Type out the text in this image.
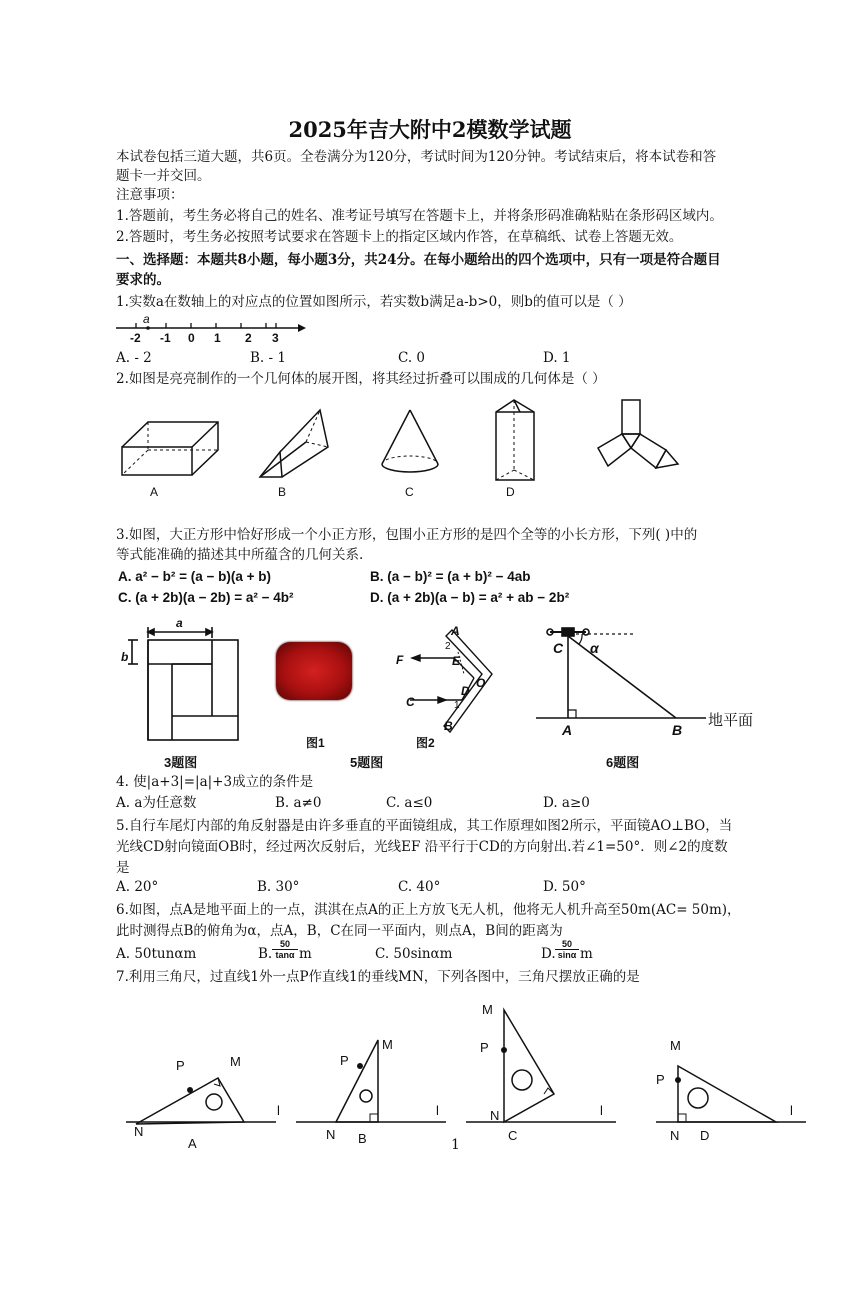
2025年吉大附中2模数学试题
本试卷包括三道大题，共6页。全卷满分为120分，考试时间为120分钟。考试结束后，将本试卷和答
题卡一并交回。
注意事项：
1.答题前，考生务必将自己的姓名、准考证号填写在答题卡上，并将条形码准确粘贴在条形码区域内。
2.答题时，考生务必按照考试要求在答题卡上的指定区域内作答，在草稿纸、试卷上答题无效。
一、选择题：本题共8小题，每小题3分，共24分。在每小题给出的四个选项中，只有一项是符合题目
要求的。
1.实数a在数轴上的对应点的位置如图所示，若实数b满足a-b>0，则b的值可以是（ ）
a
-2 -1 0 1 2 3
A. - 2	B. - 1	C. 0	D. 1
2.如图是亮亮制作的一个几何体的展开图，将其经过折叠可以围成的几何体是（ ）
A	B	C	D
3.如图，大正方形中恰好形成一个小正方形，包围小正方形的是四个全等的小长方形，下列( )中的
等式能准确的描述其中所蕴含的几何关系.
A. a² − b² = (a − b)(a + b)	B. (a − b)² = (a + b)² − 4ab
C. (a + 2b)(a − 2b) = a² − 4b²	D. (a + 2b)(a − b) = a² + ab − 2b²
a
b
3题图
图1
A
2
F	E
O
D
C	1
B
图2
5题图
C α
A	B
地平面
6题图
4. 使|a+3|=|a|+3成立的条件是
A. a为任意数	B. a≠0	C. a≤0	D. a≥0
5.自行车尾灯内部的角反射器是由许多垂直的平面镜组成，其工作原理如图2所示，平面镜AO⊥BO，当
光线CD射向镜面OB时，经过两次反射后，光线EF 沿平行于CD的方向射出.若∠1=50°．则∠2的度数
是
A. 20°	B. 30°	C. 40°	D. 50°
6.如图，点A是地平面上的一点，淇淇在点A的正上方放飞无人机，他将无人机升高至50m(AC= 50m)，
此时测得点B的俯角为α，点A，B，C在同一平面内，则点A，B间的距离为
A. 50tunαm	B. $\frac{50}{\tan\alpha}$ m	C. 50sinαm	D. $\frac{50}{\sin\alpha}$ m
7.利用三角尺，过直线1外一点P作直线1的垂线MN，下列各图中，三角尺摆放正确的是
P	M
N
l
A
P
M
N
l
B
M
P
N	l
C
M
P
N
l
D
1
